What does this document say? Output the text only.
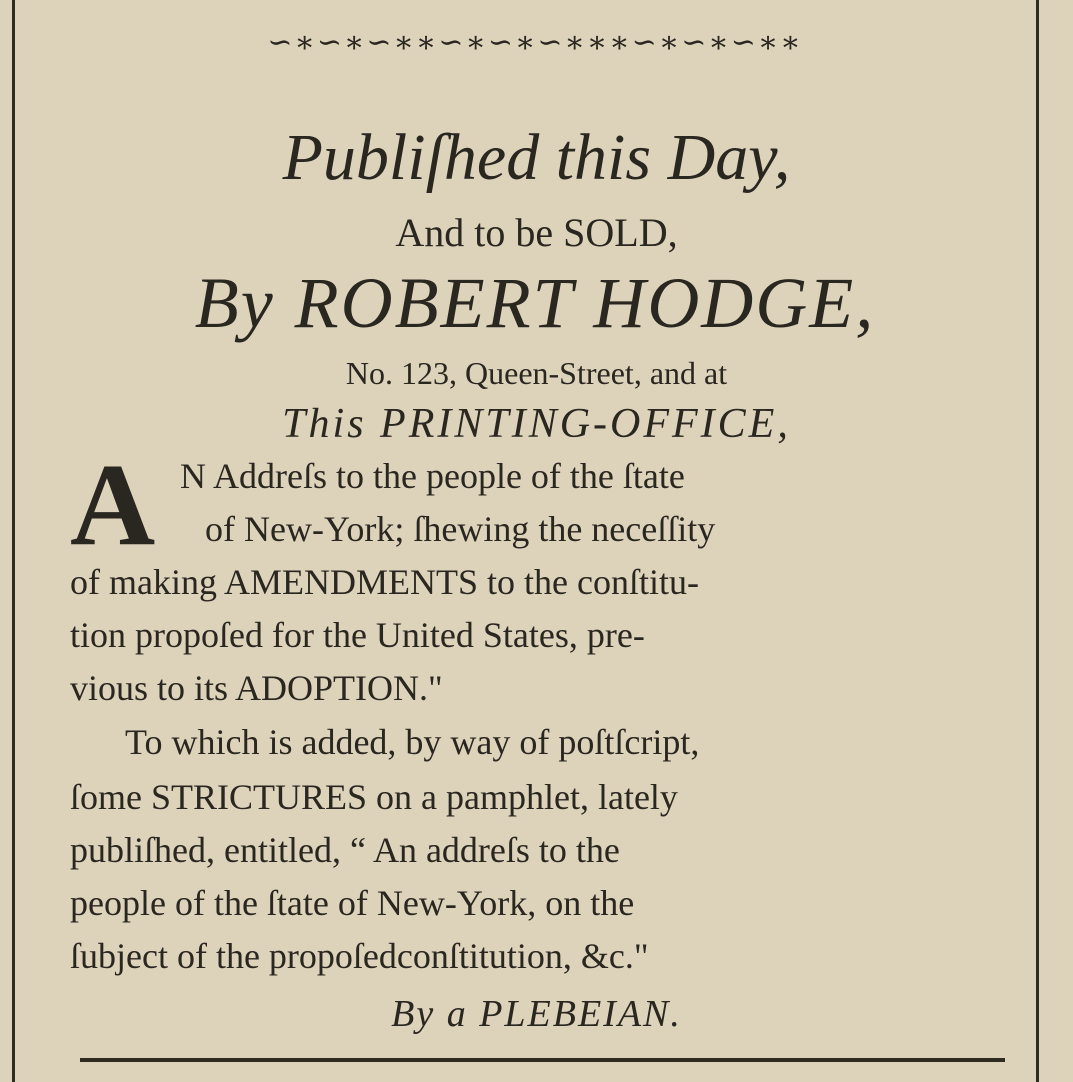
∽∗∽∗∽∗∗∽∗∽∗∽∗∗∗∽∗∽∗∽∗∗
Publiſhed this Day,
And to be SOLD,
By ROBERT HODGE,
No. 123, Queen-Street, and at
This PRINTING-OFFICE,
A N Addreſs to the people of the ſtate
of New-York; ſhewing the neceſſity
of making AMENDMENTS to the conſtitu-
tion propoſed for the United States, pre-
vious to its ADOPTION."
To which is added, by way of poſtſcript,
ſome STRICTURES on a pamphlet, lately
publiſhed, entitled, “ An addreſs to the
people of the ſtate of New-York, on the
ſubject of the propoſedconſtitution, &c."
By a PLEBEIAN.
